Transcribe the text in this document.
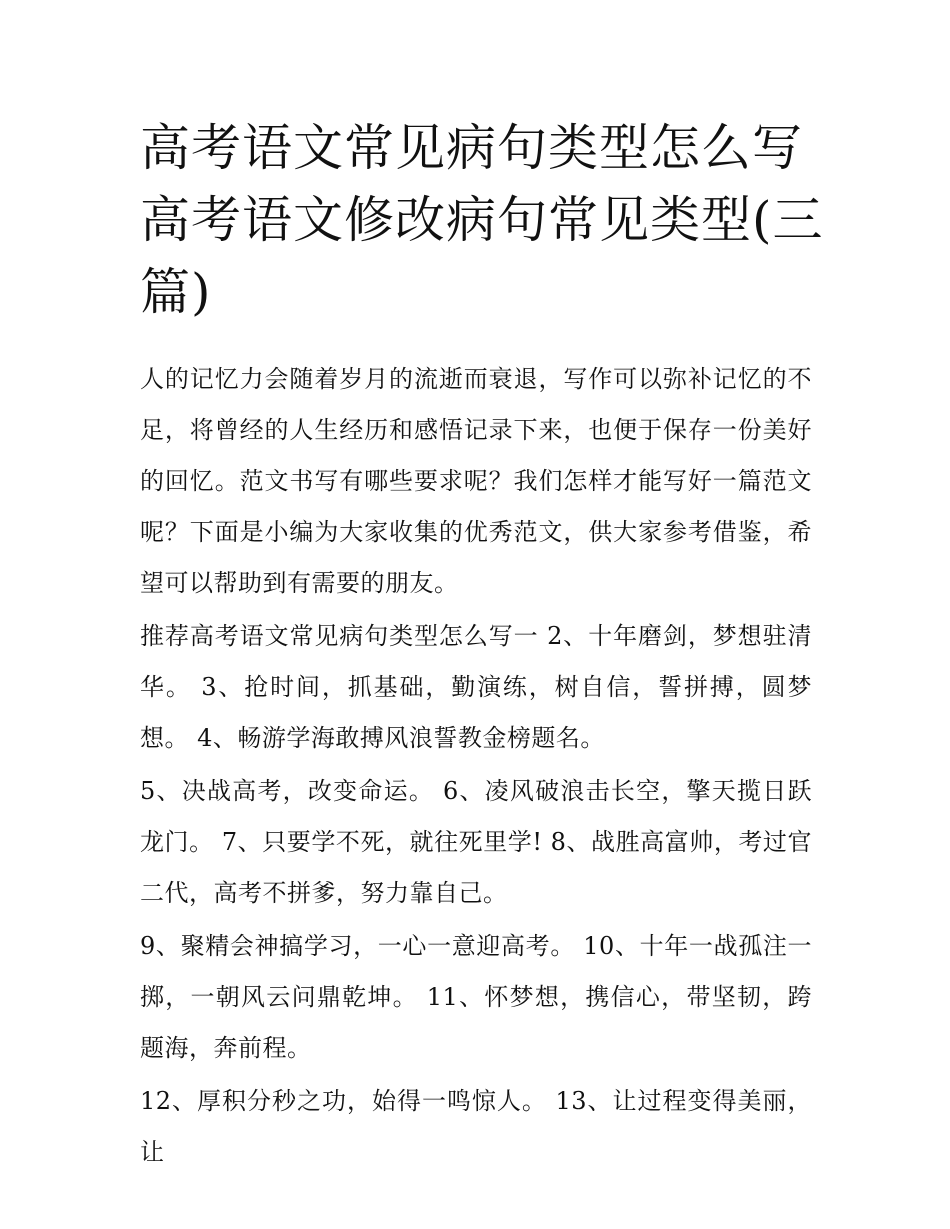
高考语文常见病句类型怎么写
高考语文修改病句常见类型(三
篇)

人的记忆力会随着岁月的流逝而衰退，写作可以弥补记忆的不足，将曾经的人生经历和感悟记录下来，也便于保存一份美好的回忆。范文书写有哪些要求呢？我们怎样才能写好一篇范文呢？下面是小编为大家收集的优秀范文，供大家参考借鉴，希望可以帮助到有需要的朋友。

推荐高考语文常见病句类型怎么写一 2、十年磨剑，梦想驻清华。 3、抢时间，抓基础，勤演练，树自信，誓拼搏，圆梦想。 4、畅游学海敢搏风浪誓教金榜题名。

5、决战高考，改变命运。 6、凌风破浪击长空，擎天揽日跃龙门。 7、只要学不死，就往死里学! 8、战胜高富帅，考过官二代，高考不拼爹，努力靠自己。

9、聚精会神搞学习，一心一意迎高考。 10、十年一战孤注一掷，一朝风云问鼎乾坤。 11、怀梦想，携信心，带坚韧，跨题海，奔前程。

12、厚积分秒之功，始得一鸣惊人。 13、让过程变得美丽，让
